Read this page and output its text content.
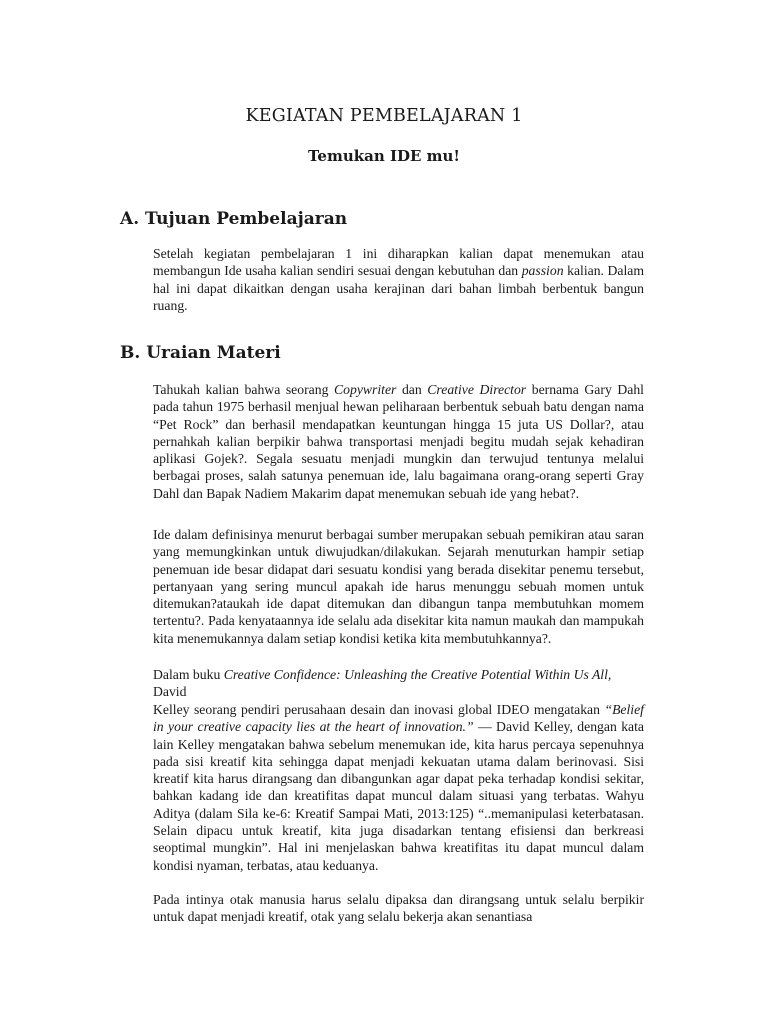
KEGIATAN PEMBELAJARAN 1
Temukan IDE mu!
A. Tujuan Pembelajaran

Setelah kegiatan pembelajaran 1 ini diharapkan kalian dapat menemukan atau membangun Ide usaha kalian sendiri sesuai dengan kebutuhan dan passion kalian. Dalam hal ini dapat dikaitkan dengan usaha kerajinan dari bahan limbah berbentuk bangun ruang.

B. Uraian Materi

Tahukah kalian bahwa seorang Copywriter dan Creative Director bernama Gary Dahl pada tahun 1975 berhasil menjual hewan peliharaan berbentuk sebuah batu dengan nama “Pet Rock” dan berhasil mendapatkan keuntungan hingga 15 juta US Dollar?, atau pernahkah kalian berpikir bahwa transportasi menjadi begitu mudah sejak kehadiran aplikasi Gojek?. Segala sesuatu menjadi mungkin dan terwujud tentunya melalui berbagai proses, salah satunya penemuan ide, lalu bagaimana orang-orang seperti Gray Dahl dan Bapak Nadiem Makarim dapat menemukan sebuah ide yang hebat?.

Ide dalam definisinya menurut berbagai sumber merupakan sebuah pemikiran atau saran yang memungkinkan untuk diwujudkan/dilakukan. Sejarah menuturkan hampir setiap penemuan ide besar didapat dari sesuatu kondisi yang berada disekitar penemu tersebut, pertanyaan yang sering muncul apakah ide harus menunggu sebuah momen untuk ditemukan?ataukah ide dapat ditemukan dan dibangun tanpa membutuhkan momem tertentu?. Pada kenyataannya ide selalu ada disekitar kita namun maukah dan mampukah kita menemukannya dalam setiap kondisi ketika kita membutuhkannya?.

Dalam buku Creative Confidence: Unleashing the Creative Potential Within Us All, David

Kelley seorang pendiri perusahaan desain dan inovasi global IDEO mengatakan “Belief in your creative capacity lies at the heart of innovation.” — David Kelley, dengan kata lain Kelley mengatakan bahwa sebelum menemukan ide, kita harus percaya sepenuhnya pada sisi kreatif kita sehingga dapat menjadi kekuatan utama dalam berinovasi. Sisi kreatif kita harus dirangsang dan dibangunkan agar dapat peka terhadap kondisi sekitar, bahkan kadang ide dan kreatifitas dapat muncul dalam situasi yang terbatas. Wahyu Aditya (dalam Sila ke-6: Kreatif Sampai Mati, 2013:125) “..memanipulasi keterbatasan. Selain dipacu untuk kreatif, kita juga disadarkan tentang efisiensi dan berkreasi seoptimal mungkin”. Hal ini menjelaskan bahwa kreatifitas itu dapat muncul dalam kondisi nyaman, terbatas, atau keduanya.

Pada intinya otak manusia harus selalu dipaksa dan dirangsang untuk selalu berpikir untuk dapat menjadi kreatif, otak yang selalu bekerja akan senantiasa
